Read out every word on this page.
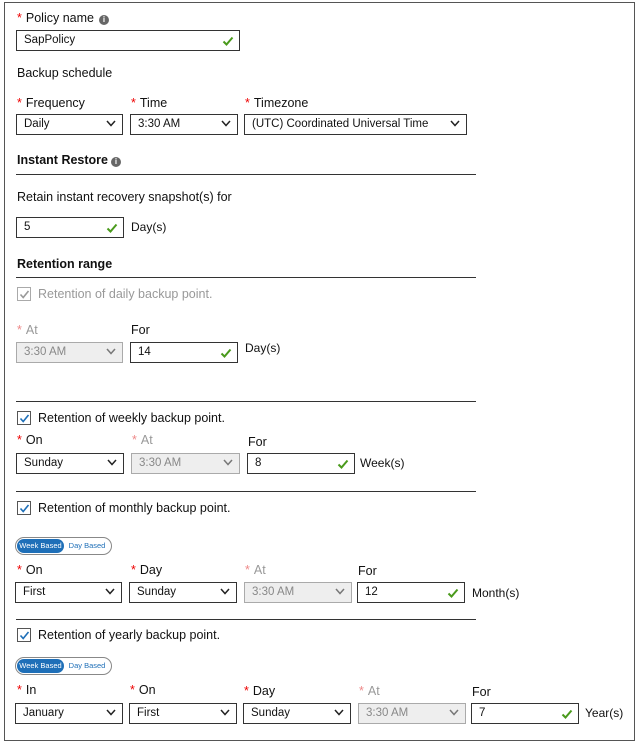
* Policy name	i
SapPolicy
Backup schedule
* Frequency
Daily
* Time
3:30 AM
* Timezone
(UTC) Coordinated Universal Time
Instant Restore i
Retain instant recovery snapshot(s) for
5	Day(s)
Retention range
Retention of daily backup point.
* At
3:30 AM
For
14	Day(s)
Retention of weekly backup point.
* On
Sunday
* At
3:30 AM
For
8	Week(s)
Retention of monthly backup point.
Week Based Day Based
* On
First
* Day
Sunday
* At
3:30 AM
For
12	Month(s)
Retention of yearly backup point.
Week Based Day Based
* In
January
* On
First
* Day
Sunday
* At
3:30 AM
For
7	Year(s)
